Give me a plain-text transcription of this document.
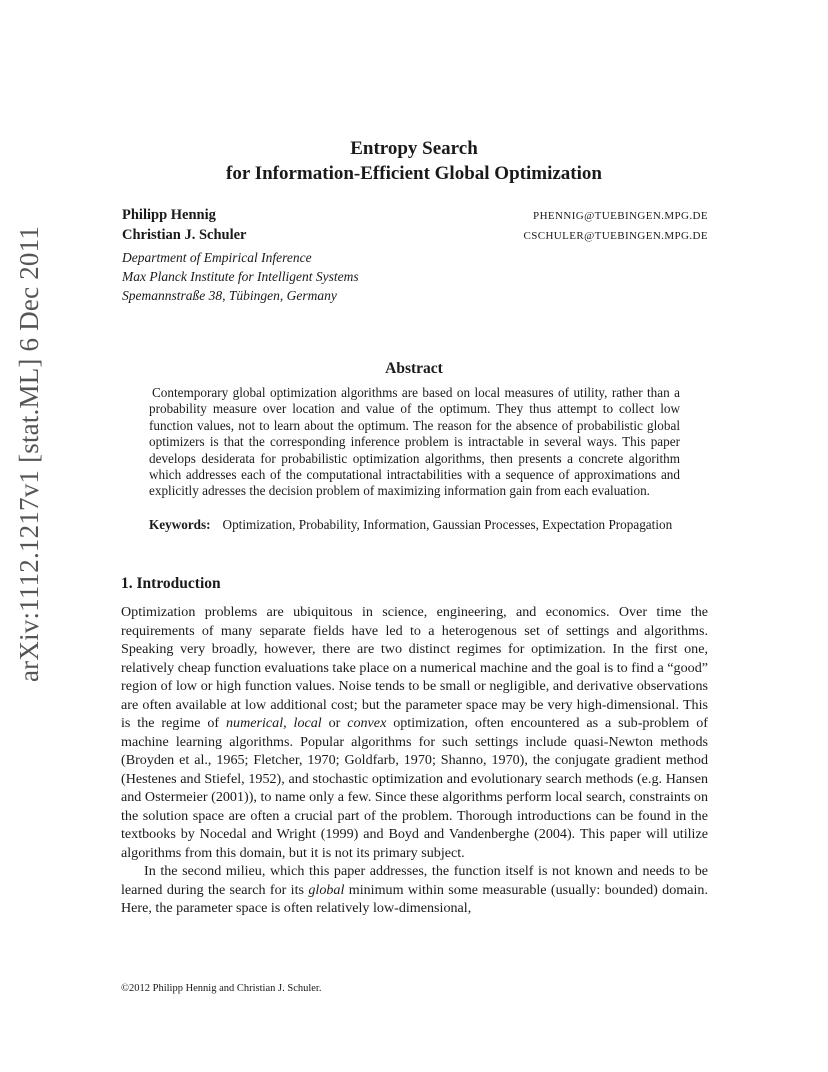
arXiv:1112.1217v1 [stat.ML] 6 Dec 2011
Entropy Search
for Information-Efficient Global Optimization
Philipp Hennig	PHENNIG@TUEBINGEN.MPG.DE
Christian J. Schuler	CSCHULER@TUEBINGEN.MPG.DE
Department of Empirical Inference
Max Planck Institute for Intelligent Systems
Spemannstraße 38, Tübingen, Germany
Abstract
Contemporary global optimization algorithms are based on local measures of utility, rather than a probability measure over location and value of the optimum. They thus attempt to collect low function values, not to learn about the optimum. The reason for the absence of probabilistic global optimizers is that the corresponding inference problem is intractable in several ways. This paper develops desiderata for probabilistic optimization algorithms, then presents a concrete algorithm which addresses each of the computational intractabilities with a sequence of approximations and explicitly adresses the decision problem of maximizing information gain from each evaluation.
Keywords: Optimization, Probability, Information, Gaussian Processes, Expectation Propagation
1. Introduction

Optimization problems are ubiquitous in science, engineering, and economics. Over time the requirements of many separate fields have led to a heterogenous set of settings and algorithms. Speaking very broadly, however, there are two distinct regimes for optimization. In the first one, relatively cheap function evaluations take place on a numerical machine and the goal is to find a “good” region of low or high function values. Noise tends to be small or negligible, and derivative observations are often available at low additional cost; but the parameter space may be very high-dimensional. This is the regime of numerical, local or convex optimization, often encountered as a sub-problem of machine learning algorithms. Popular algorithms for such settings include quasi-Newton methods (Broyden et al., 1965; Fletcher, 1970; Goldfarb, 1970; Shanno, 1970), the conjugate gradient method (Hestenes and Stiefel, 1952), and stochastic optimization and evolutionary search methods (e.g. Hansen and Ostermeier (2001)), to name only a few. Since these algorithms perform local search, constraints on the solution space are often a crucial part of the problem. Thorough introductions can be found in the textbooks by Nocedal and Wright (1999) and Boyd and Vandenberghe (2004). This paper will utilize algorithms from this domain, but it is not its primary subject.

In the second milieu, which this paper addresses, the function itself is not known and needs to be learned during the search for its global minimum within some measurable (usually: bounded) domain. Here, the parameter space is often relatively low-dimensional,

©2012 Philipp Hennig and Christian J. Schuler.
